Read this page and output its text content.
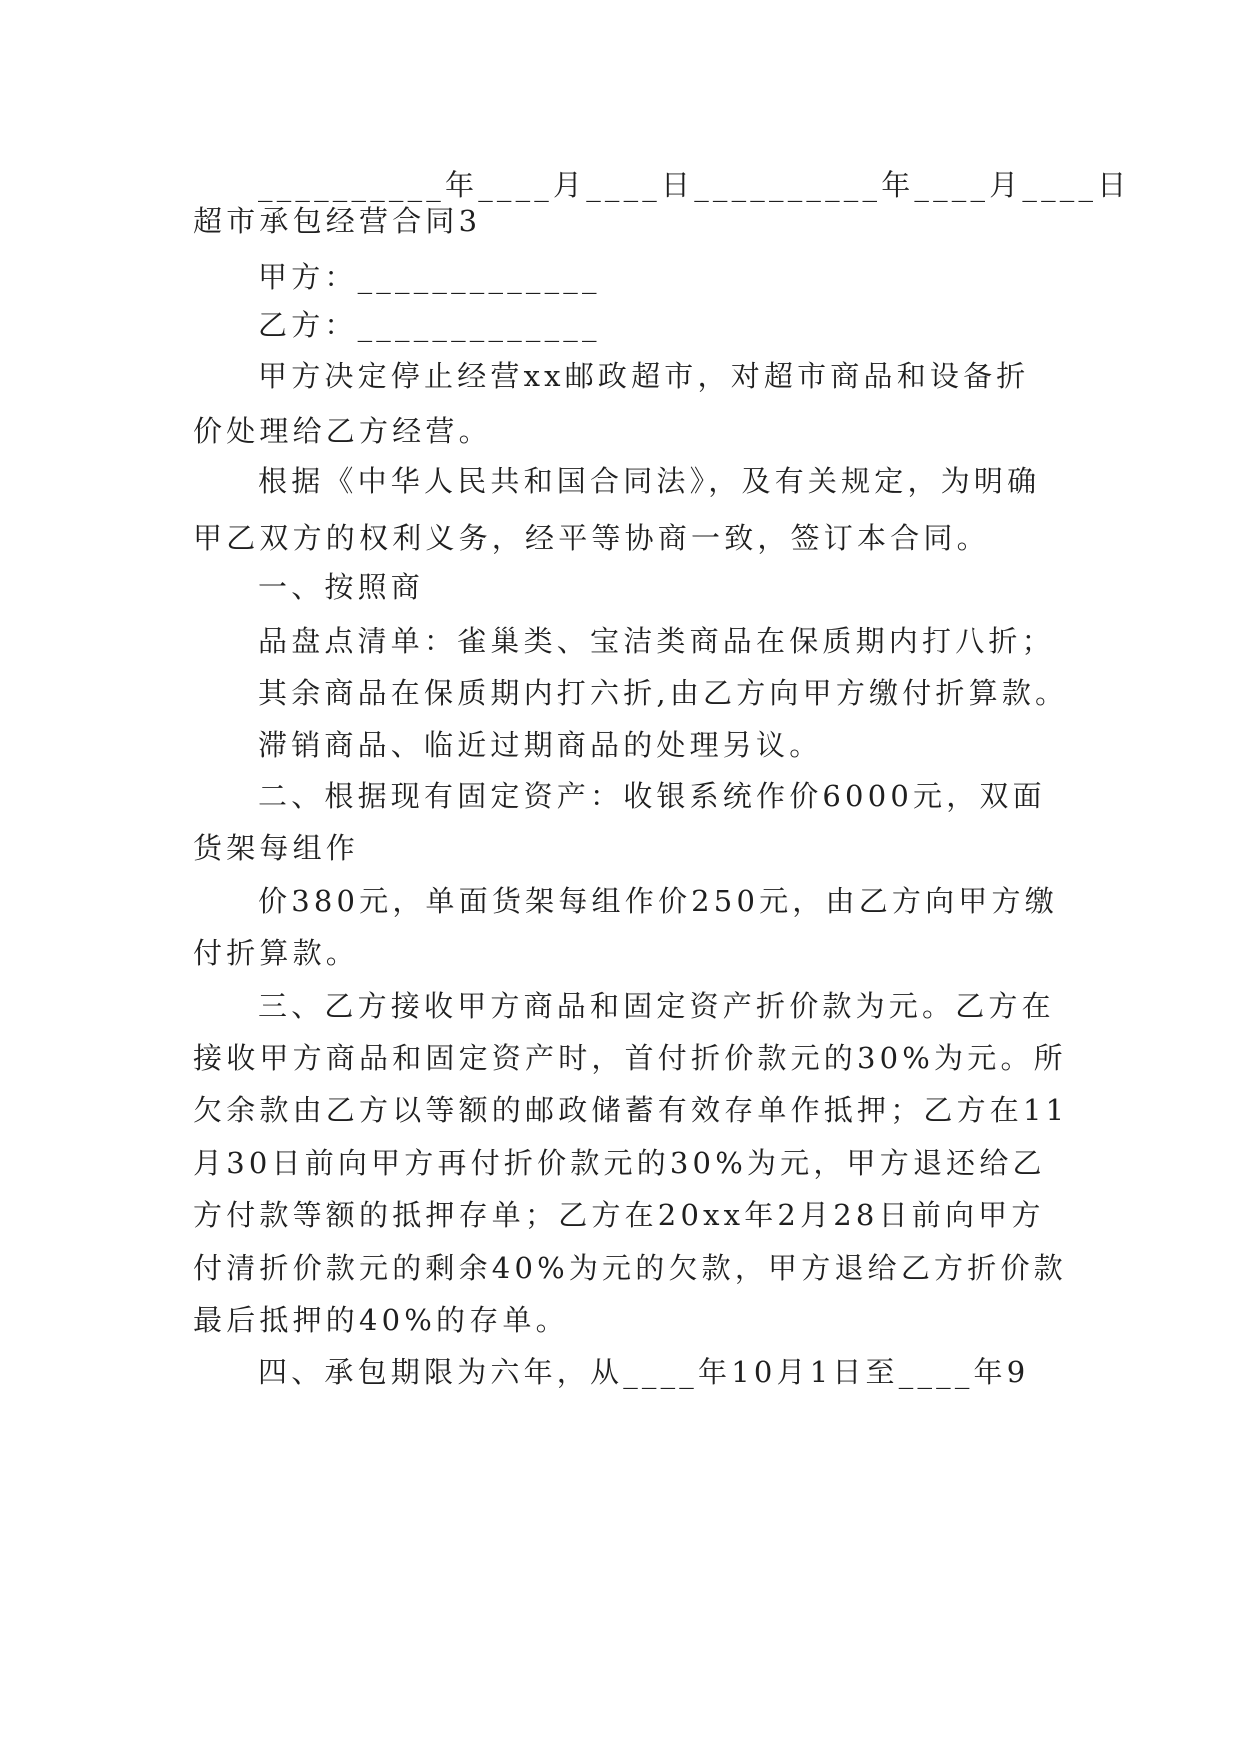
__________年____月____日__________年____月____日
超市承包经营合同3
甲方：_____________
乙方：_____________
甲方决定停止经营xx邮政超市，对超市商品和设备折
价处理给乙方经营。
根据《中华人民共和国合同法》，及有关规定，为明确
甲乙双方的权利义务，经平等协商一致，签订本合同。
一、按照商
品盘点清单：雀巢类、宝洁类商品在保质期内打八折；
其余商品在保质期内打六折,由乙方向甲方缴付折算款。
滞销商品、临近过期商品的处理另议。
二、根据现有固定资产：收银系统作价6000元，双面
货架每组作
价380元，单面货架每组作价250元，由乙方向甲方缴
付折算款。
三、乙方接收甲方商品和固定资产折价款为元。乙方在
接收甲方商品和固定资产时，首付折价款元的30%为元。所
欠余款由乙方以等额的邮政储蓄有效存单作抵押；乙方在11
月30日前向甲方再付折价款元的30%为元，甲方退还给乙
方付款等额的抵押存单；乙方在20xx年2月28日前向甲方
付清折价款元的剩余40%为元的欠款，甲方退给乙方折价款
最后抵押的40%的存单。
四、承包期限为六年，从____年10月1日至____年9
